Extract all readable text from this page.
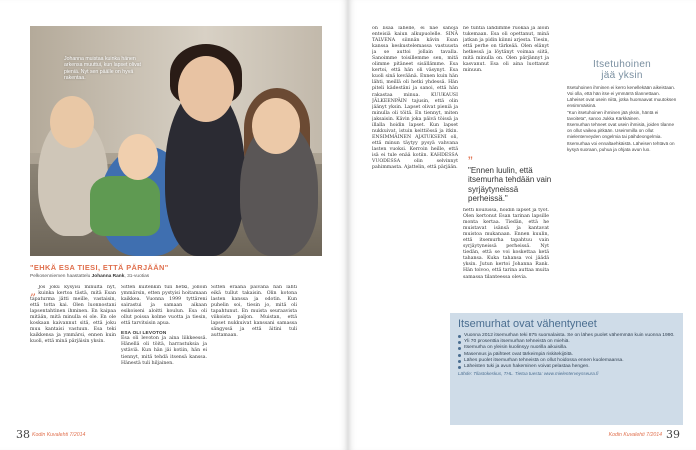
Johanna muistaa kuinka hänen arkensa muuttui, kun lapset olivat pieniä. Nyt sen päälle on hyvä rakentaa.
"EHKÄ ESA TIESI, ETTÄ PÄRJÄÄN"
Pelkosenniemen haastattelu Johanna Rank, 31-vuotias
„ Jos joku kysyisi minulta nyt, kuinka kertoa tästä, mitä Esan tapaturma jätti meille, vastaisin, että totta kai. Olen luonnostani lapsentahtinen ihminen. En kaipaa mitään, mitä minulla ei ole. En ole koskaan kaivannut sitä, että joku muu kantaisi vastuun. Esa teki kaikkensa ja ymmärsi, ennen kuin kuoli, että minä pärjäisin yksin.

Sitten kuitenkin tuli hetki, jolloin ymmärsin, etten pystyisi hoitamaan kaikkea. Vuonna 1999 tyttäreni sairastui ja samaan aikaan esikoiseni aloitti koulun. Esa oli ollut poissa kolme vuotta ja tiesin, että tarvitsisin apua.

ESA OLI LEVOTON

Esa oli levoton ja aina liikkeessä. Hänellä oli töitä, harrastuksia ja ystäviä. Kun hän jäi kotiin, hän ei tiennyt, mitä tehdä itsensä kanssa. Hänestä tuli hiljainen.

Sitten eräänä päivänä hän lähti eikä tullut takaisin. Olin kotona lasten kanssa ja odotin. Kun puhelin soi, tiesin jo, mitä oli tapahtunut. En muista seuraavista viikoista paljon. Muistan, että lapset nukkuivat kanssani samassa sängyssä ja että äitini tuli auttamaan.

38 Kodin Kuvalehti 7/2014

on lisää lähelle, ei näe sanoja enteisiä kaiun alkupuolelle. SINÄ TALVENA siinnän kävin Esan kanssa keskustelemassa vastuusta ja se auttoi jollain tavalla. Sanoimme toisillemme sen, mitä olimme pitäneet sisällämme. Esa kertoi, että hän oli väsynyt. Esa kuoli sinä keväänä. Ennen kuin hän lähti, meillä oli hetki yhdessä. Hän piteli kädestäni ja sanoi, että hän rakastaa minua. KUUKAUSI JÄLKEENPÄIN tajusin, että olin jäänyt yksin. Lapset olivat pieniä ja minulla oli töitä. En tiennyt, miten jaksaisin. Kävin joka päivä töissä ja illalla hoidin lapset. Kun lapset nukkuivat, istuin keittiössä ja itkin. ENSIMMÄINEN AJATUKSENI oli, että minun täytyy pysyä vahvana lasten vuoksi. Kerroin heille, että isä ei tule enää kotiin. KAHDESSA VUODESSA olin selvinnyt pahimmasta. Ajattelin, että pärjään.

ne tuntia lähdimme ruokaa ja aloin tukemaan. Esa oli opettanut, minä jatkan ja pidin kiinni arjesta. Tiesin, että perhe on tärkeää. Olen elänyt hetkessä ja löytänyt voimaa siitä, mitä minulla on. Olen pärjännyt ja kasvanut. Esa oli aina luottanut minuun.

”
"Ennen luulin, että itsemurha tehdään vain syrjäytyneissä perheissä."

hetti koulussa, hoidin lapset ja työt. Olen kertonut Esan tarinan lapsille monta kertaa. Tiedän, että he muistavat isänsä ja kantavat muistoa mukanaan. Ennen kuulin, että itsemurha tapahtuu vain syrjäytyneissä perheissä. Nyt tiedän, että se voi koskettaa ketä tahansa. Kuka tahansa voi jäädä yksin. Jutun kertoi Johanna Rank. Hän toivoo, että tarina auttaa muita samassa tilanteessa olevia.

Itsetuhoinen
jää yksin

Itsetuhoinen ihminen ei kerro kenellekään aikeistaan. Voi olla, että hän itse ei ymmärrä tilannettaan. Läheiset ovat usein niitä, jotka huomaavat muutoksen ensimmäisinä.

"Kun itsetuhoinen ihminen jää yksin, häntä ei tavoiteta", sanoo Jukka Kärkkäinen.

Itsemurhan tehneet ovat usein ihmisiä, joiden tilanne on ollut vaikea pitkään. Useimmilla on ollut mielenterveyden ongelmia tai päihdeongelmia.

Itsemurhaa voi ennaltaehkäistä. Läheisen tehtävä on kysyä suoraan, puhua ja ohjata avun luo.

Itsemurhat ovat vähentyneet
Vuonna 2012 itsemurhan teki 875 suomalaista. Se on lähes puolet vähemmän kuin vuonna 1990.
Yli 70 prosenttia itsemurhan tehneistä on miehiä.
Itsemurha on yleisin kuolinsyy nuorilla aikuisilla.
Masennus ja päihteet ovat tärkeimpiä riskitekijöitä.
Lähes puolet itsemurhan tehneistä on ollut hoidossa ennen kuolemaansa.
Läheisten tuki ja avun hakeminen voivat pelastaa hengen.
Lähde: Tilastokeskus, THL. Tietoa tuesta: www.mielenterveysseura.fi
Kodin Kuvalehti 7/2014 39
